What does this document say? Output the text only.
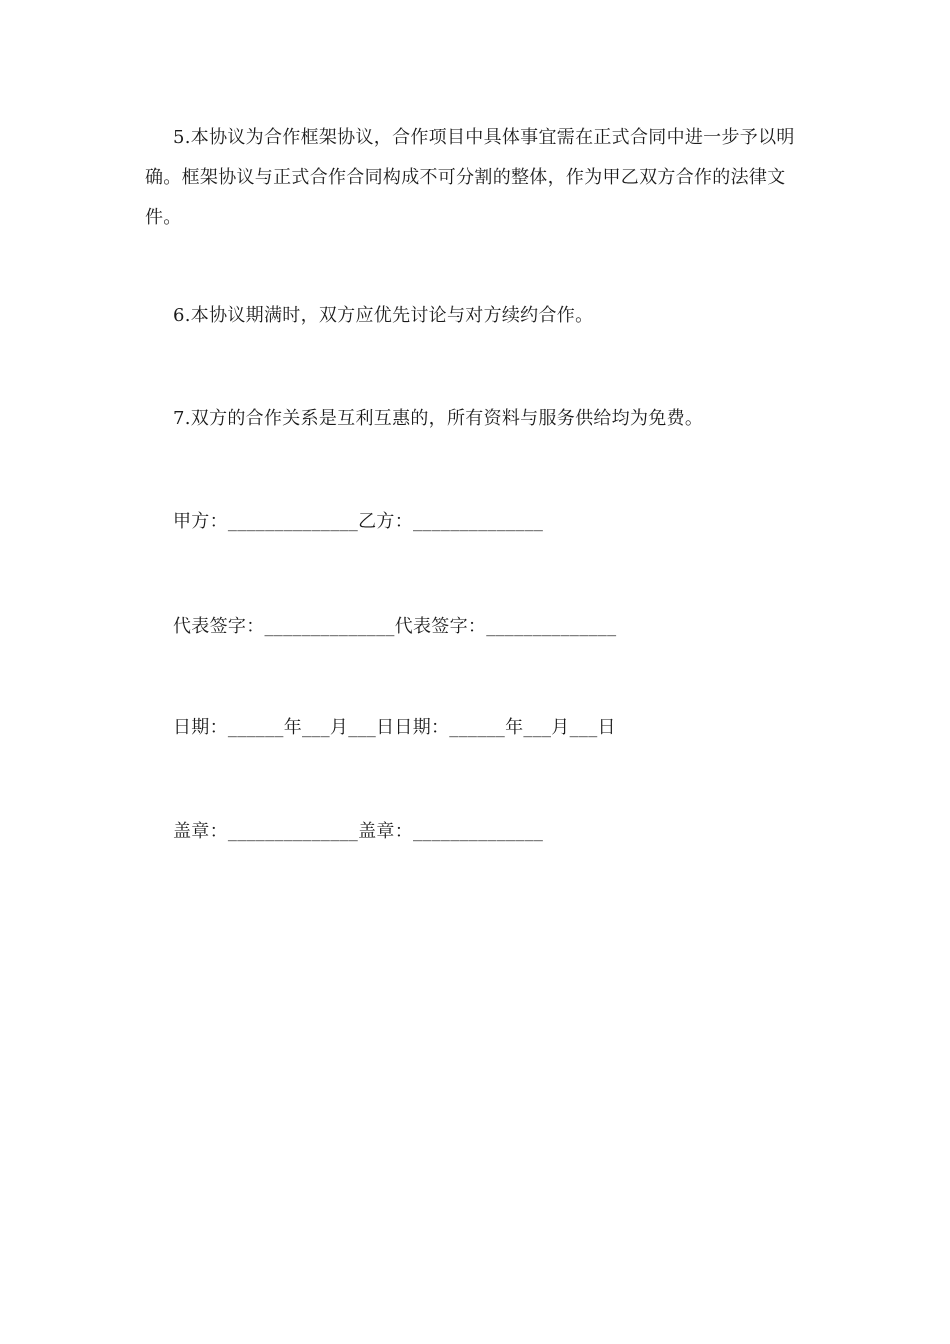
5.本协议为合作框架协议，合作项目中具体事宜需在正式合同中进一步予以明确。框架协议与正式合作合同构成不可分割的整体，作为甲乙双方合作的法律文件。

6.本协议期满时，双方应优先讨论与对方续约合作。

7.双方的合作关系是互利互惠的，所有资料与服务供给均为免费。

甲方：______________乙方：______________
代表签字：______________代表签字：______________
日期：______年___月___日日期：______年___月___日
盖章：______________盖章：______________
